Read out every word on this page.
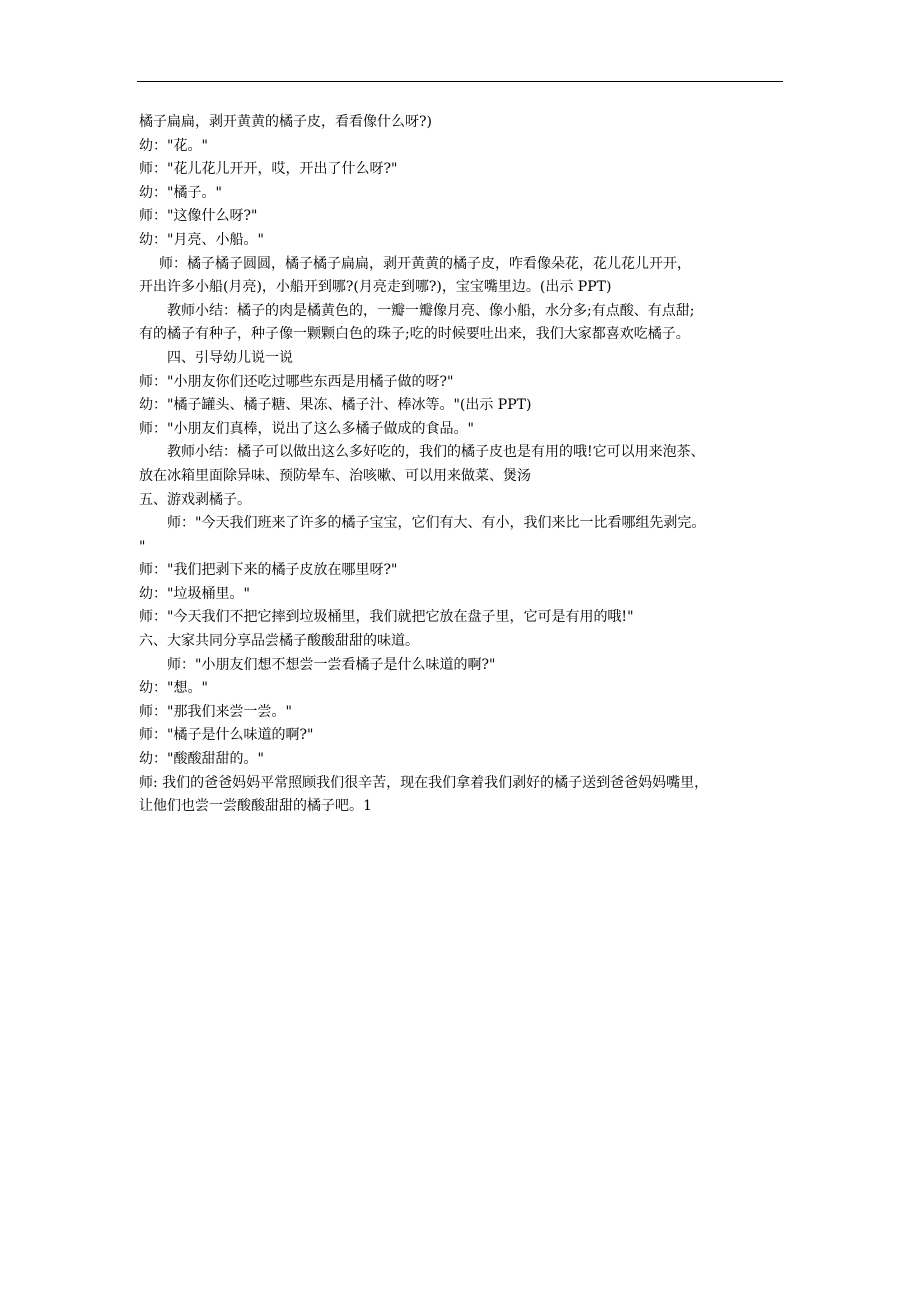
橘子扁扁，剥开黄黄的橘子皮，看看像什么呀?)
幼："花。"
师："花儿花儿开开，哎，开出了什么呀?"
幼："橘子。"
师："这像什么呀?"
幼："月亮、小船。"
师：橘子橘子圆圆，橘子橘子扁扁，剥开黄黄的橘子皮，咋看像朵花，花儿花儿开开，
开出许多小船(月亮)，小船开到哪?(月亮走到哪?)，宝宝嘴里边。(出示 PPT)
教师小结：橘子的肉是橘黄色的，一瓣一瓣像月亮、像小船，水分多;有点酸、有点甜;
有的橘子有种子，种子像一颗颗白色的珠子;吃的时候要吐出来，我们大家都喜欢吃橘子。
四、引导幼儿说一说
师："小朋友你们还吃过哪些东西是用橘子做的呀?"
幼："橘子罐头、橘子糖、果冻、橘子汁、棒冰等。"(出示 PPT)
师："小朋友们真棒，说出了这么多橘子做成的食品。"
教师小结：橘子可以做出这么多好吃的，我们的橘子皮也是有用的哦!它可以用来泡茶、
放在冰箱里面除异味、预防晕车、治咳嗽、可以用来做菜、煲汤
五、游戏剥橘子。
师："今天我们班来了许多的橘子宝宝，它们有大、有小，我们来比一比看哪组先剥完。
"
师："我们把剥下来的橘子皮放在哪里呀?"
幼："垃圾桶里。"
师："今天我们不把它摔到垃圾桶里，我们就把它放在盘子里，它可是有用的哦!"
六、大家共同分享品尝橘子酸酸甜甜的味道。
师："小朋友们想不想尝一尝看橘子是什么味道的啊?"
幼："想。"
师："那我们来尝一尝。"
师："橘子是什么味道的啊?"
幼："酸酸甜甜的。"
师: 我们的爸爸妈妈平常照顾我们很辛苦，现在我们拿着我们剥好的橘子送到爸爸妈妈嘴里，
让他们也尝一尝酸酸甜甜的橘子吧。1
